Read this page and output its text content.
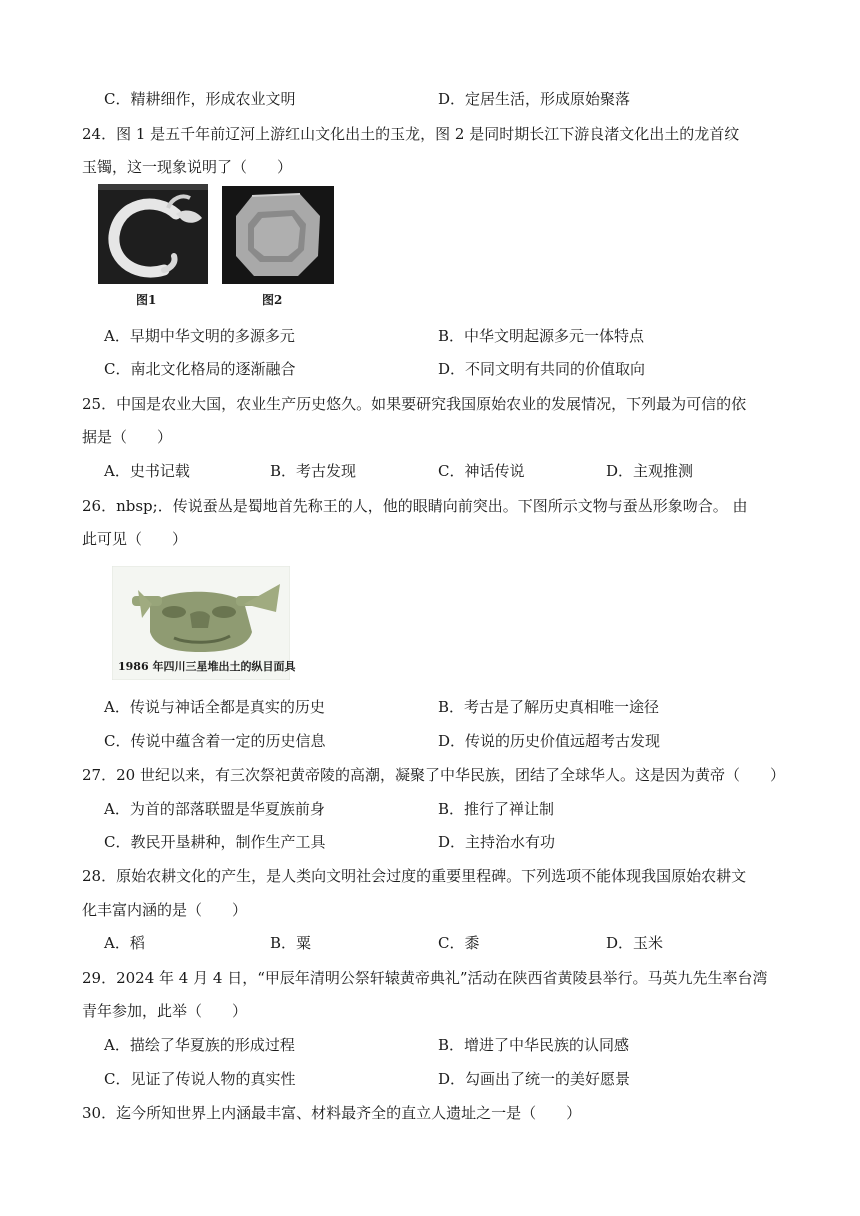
C．精耕细作，形成农业文明	D．定居生活，形成原始聚落
24．图 1 是五千年前辽河上游红山文化出土的玉龙，图 2 是同时期长江下游良渚文化出土的龙首纹
玉镯，这一现象说明了（　　）
图1	图2
A．早期中华文明的多源多元	B．中华文明起源多元一体特点
C．南北文化格局的逐渐融合	D．不同文明有共同的价值取向
25．中国是农业大国，农业生产历史悠久。如果要研究我国原始农业的发展情况，下列最为可信的依
据是（　　）
A．史书记载	B．考古发现	C．神话传说	D．主观推测
26．nbsp;．传说蚕丛是蜀地首先称王的人，他的眼睛向前突出。下图所示文物与蚕丛形象吻合。 由
此可见（　　）
1986 年四川三星堆出土的纵目面具
A．传说与神话全都是真实的历史	B．考古是了解历史真相唯一途径
C．传说中蕴含着一定的历史信息	D．传说的历史价值远超考古发现
27．20 世纪以来，有三次祭祀黄帝陵的高潮，凝聚了中华民族，团结了全球华人。这是因为黄帝（　　）
A．为首的部落联盟是华夏族前身	B．推行了禅让制
C．教民开垦耕种，制作生产工具	D．主持治水有功
28．原始农耕文化的产生，是人类向文明社会过度的重要里程碑。下列选项不能体现我国原始农耕文
化丰富内涵的是（　　）
A．稻	B．粟	C．黍	D．玉米
29．2024 年 4 月 4 日，“甲辰年清明公祭轩辕黄帝典礼”活动在陕西省黄陵县举行。马英九先生率台湾
青年参加，此举（　　）
A．描绘了华夏族的形成过程	B．增进了中华民族的认同感
C．见证了传说人物的真实性	D．勾画出了统一的美好愿景
30．迄今所知世界上内涵最丰富、材料最齐全的直立人遗址之一是（　　）
